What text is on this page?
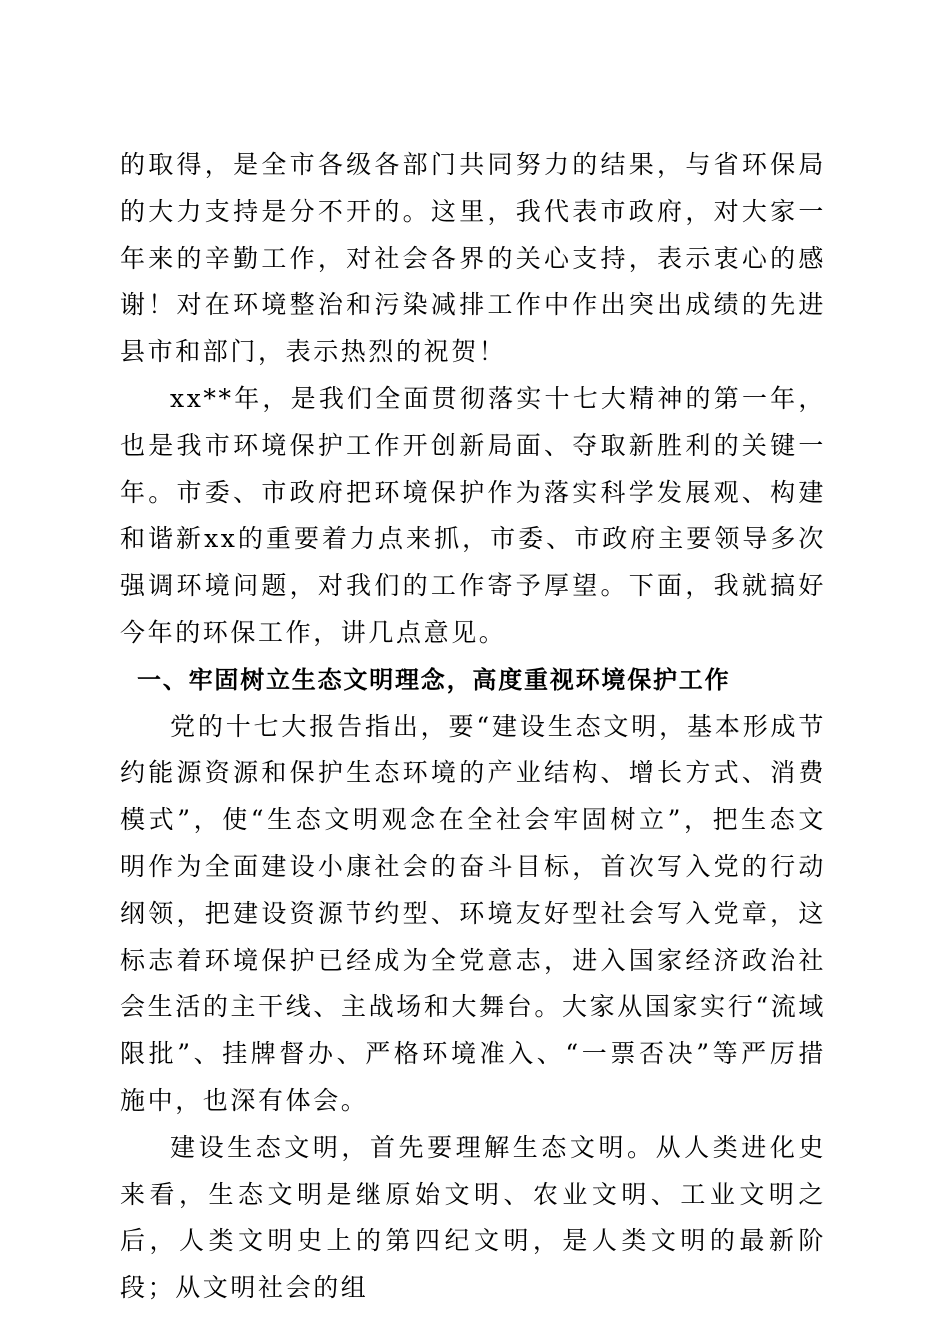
的取得，是全市各级各部门共同努力的结果，与省环保局的大力支持是分不开的。这里，我代表市政府，对大家一年来的辛勤工作，对社会各界的关心支持，表示衷心的感谢！对在环境整治和污染减排工作中作出突出成绩的先进县市和部门，表示热烈的祝贺！

xx**年，是我们全面贯彻落实十七大精神的第一年，也是我市环境保护工作开创新局面、夺取新胜利的关键一年。市委、市政府把环境保护作为落实科学发展观、构建和谐新xx的重要着力点来抓，市委、市政府主要领导多次强调环境问题，对我们的工作寄予厚望。下面，我就搞好今年的环保工作，讲几点意见。

一、牢固树立生态文明理念，高度重视环境保护工作

党的十七大报告指出，要“建设生态文明，基本形成节约能源资源和保护生态环境的产业结构、增长方式、消费模式”，使“生态文明观念在全社会牢固树立”，把生态文明作为全面建设小康社会的奋斗目标，首次写入党的行动纲领，把建设资源节约型、环境友好型社会写入党章，这标志着环境保护已经成为全党意志，进入国家经济政治社会生活的主干线、主战场和大舞台。大家从国家实行“流域限批”、挂牌督办、严格环境准入、“一票否决”等严厉措施中，也深有体会。

建设生态文明，首先要理解生态文明。从人类进化史来看，生态文明是继原始文明、农业文明、工业文明之后，人类文明史上的第四纪文明，是人类文明的最新阶段；从文明社会的组
